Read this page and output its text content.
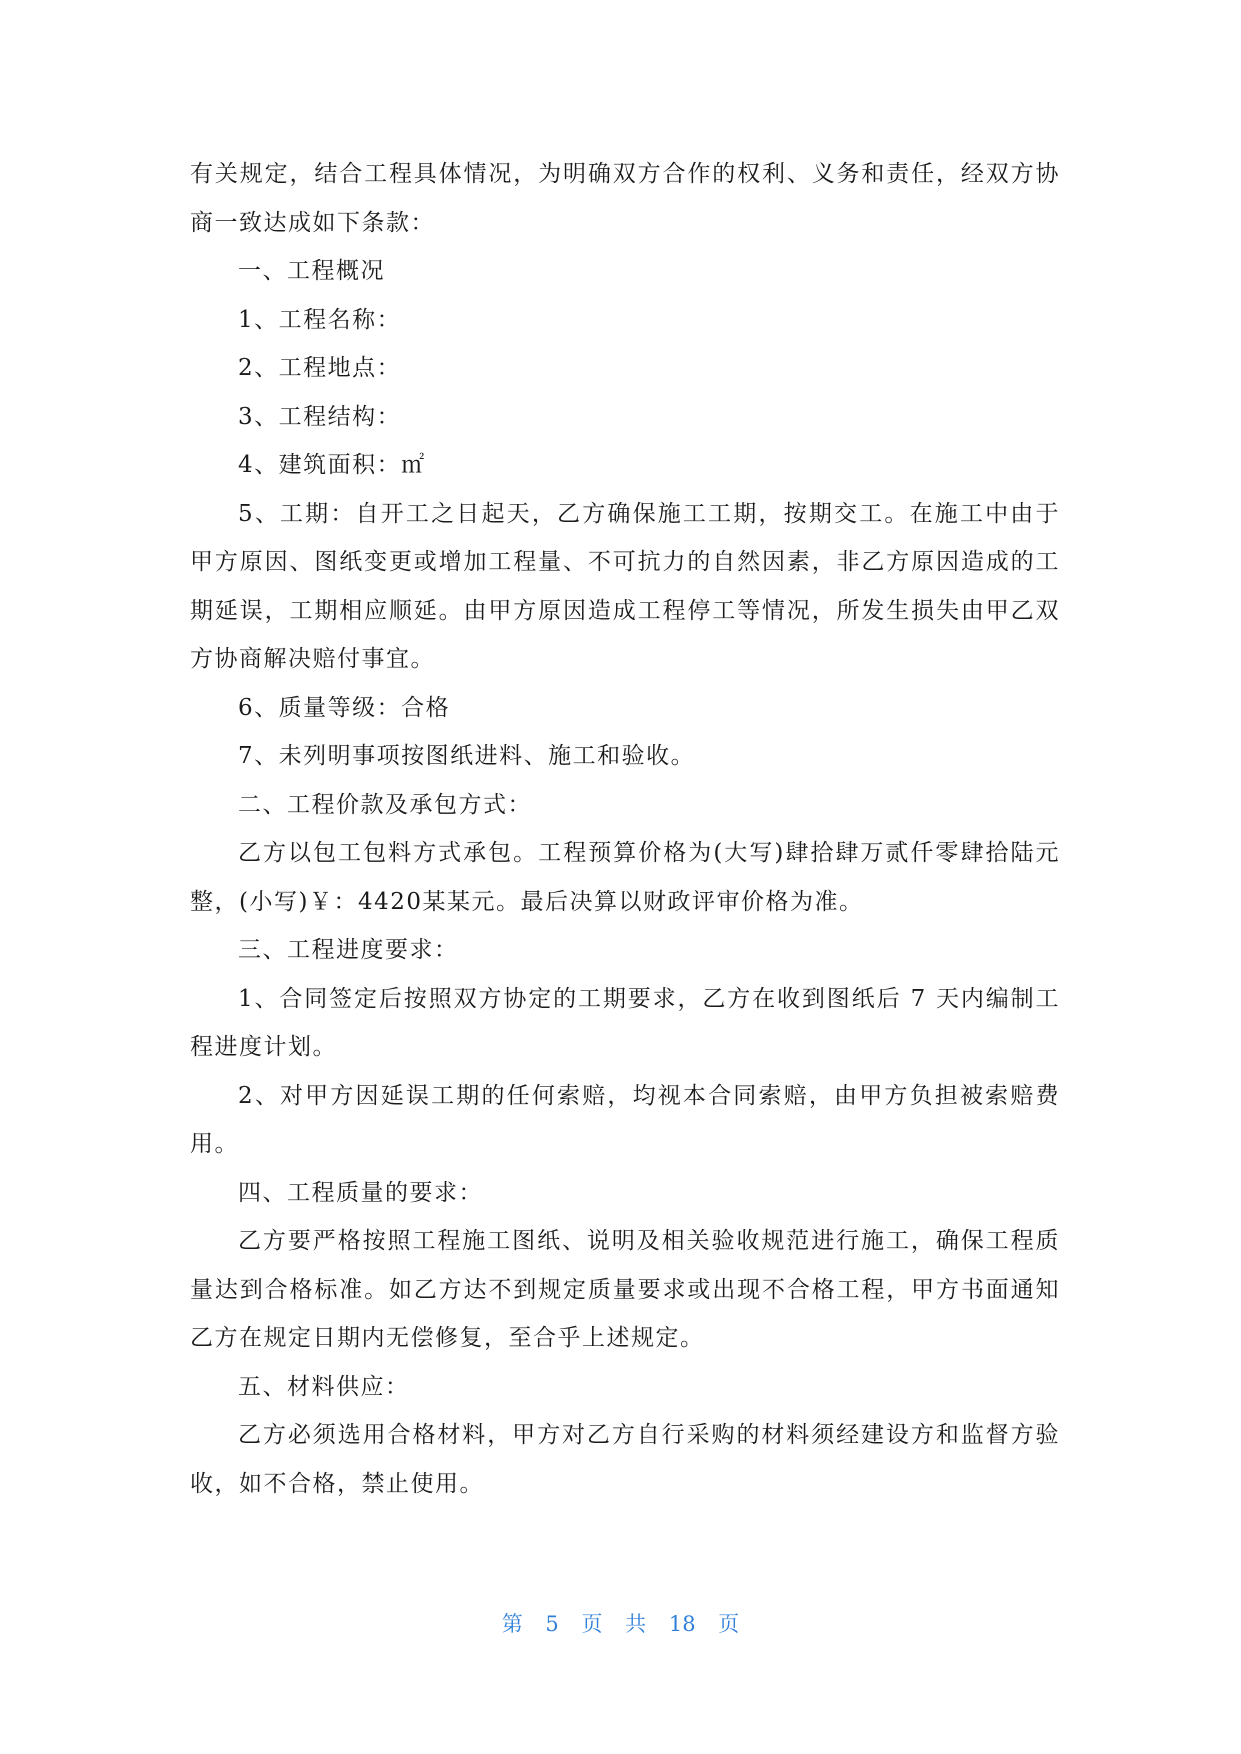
有关规定，结合工程具体情况，为明确双方合作的权利、义务和责任，经双方协商一致达成如下条款：

一、工程概况

1、工程名称：

2、工程地点：

3、工程结构：

4、建筑面积：㎡

5、工期：自开工之日起天，乙方确保施工工期，按期交工。在施工中由于甲方原因、图纸变更或增加工程量、不可抗力的自然因素，非乙方原因造成的工期延误，工期相应顺延。由甲方原因造成工程停工等情况，所发生损失由甲乙双方协商解决赔付事宜。

6、质量等级：合格

7、未列明事项按图纸进料、施工和验收。

二、工程价款及承包方式：

乙方以包工包料方式承包。工程预算价格为(大写)肆拾肆万贰仟零肆拾陆元整，(小写)￥：4420某某元。最后决算以财政评审价格为准。

三、工程进度要求：

1、合同签定后按照双方协定的工期要求，乙方在收到图纸后 7 天内编制工程进度计划。

2、对甲方因延误工期的任何索赔，均视本合同索赔，由甲方负担被索赔费用。

四、工程质量的要求：

乙方要严格按照工程施工图纸、说明及相关验收规范进行施工，确保工程质量达到合格标准。如乙方达不到规定质量要求或出现不合格工程，甲方书面通知乙方在规定日期内无偿修复，至合乎上述规定。

五、材料供应：

乙方必须选用合格材料，甲方对乙方自行采购的材料须经建设方和监督方验收，如不合格，禁止使用。

第 5 页 共 18 页
